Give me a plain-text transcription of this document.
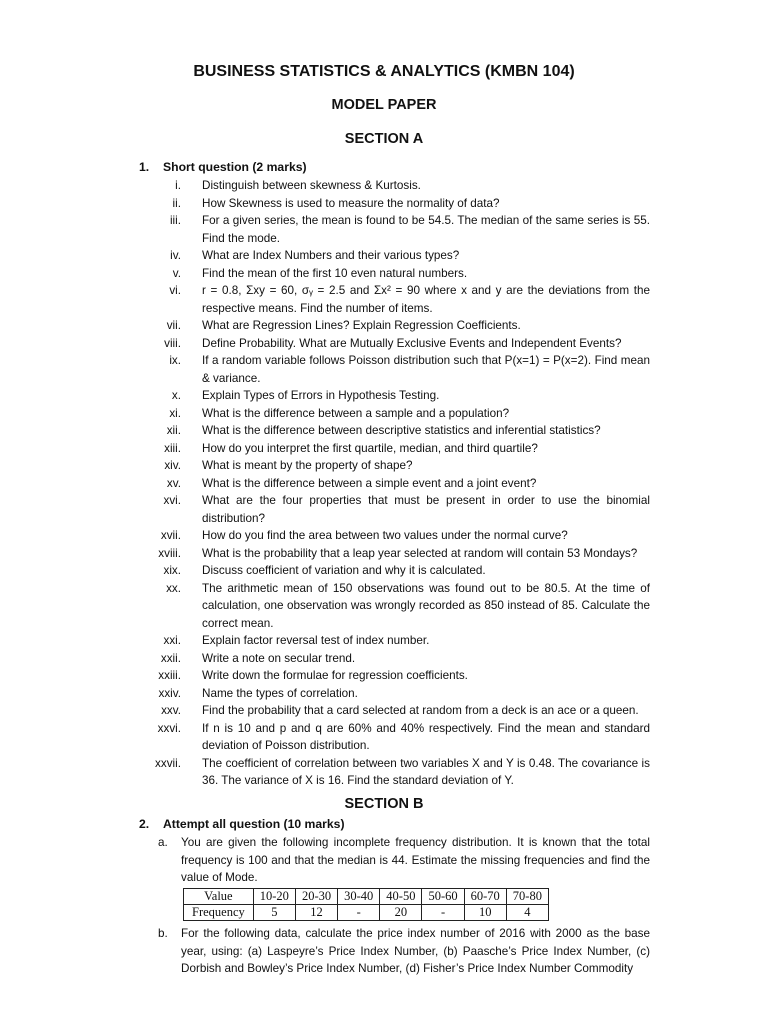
BUSINESS STATISTICS & ANALYTICS (KMBN 104)
MODEL PAPER
SECTION A
1. Short question (2 marks)
i. Distinguish between skewness & Kurtosis.
ii. How Skewness is used to measure the normality of data?
iii. For a given series, the mean is found to be 54.5. The median of the same series is 55. Find the mode.
iv. What are Index Numbers and their various types?
v. Find the mean of the first 10 even natural numbers.
vi. r = 0.8, Σxy = 60, σᵧ = 2.5 and Σx² = 90 where x and y are the deviations from the respective means. Find the number of items.
vii. What are Regression Lines? Explain Regression Coefficients.
viii. Define Probability. What are Mutually Exclusive Events and Independent Events?
ix. If a random variable follows Poisson distribution such that P(x=1) = P(x=2). Find mean & variance.
x. Explain Types of Errors in Hypothesis Testing.
xi. What is the difference between a sample and a population?
xii. What is the difference between descriptive statistics and inferential statistics?
xiii. How do you interpret the first quartile, median, and third quartile?
xiv. What is meant by the property of shape?
xv. What is the difference between a simple event and a joint event?
xvi. What are the four properties that must be present in order to use the binomial distribution?
xvii. How do you find the area between two values under the normal curve?
xviii. What is the probability that a leap year selected at random will contain 53 Mondays?
xix. Discuss coefficient of variation and why it is calculated.
xx. The arithmetic mean of 150 observations was found out to be 80.5. At the time of calculation, one observation was wrongly recorded as 850 instead of 85. Calculate the correct mean.
xxi. Explain factor reversal test of index number.
xxii. Write a note on secular trend.
xxiii. Write down the formulae for regression coefficients.
xxiv. Name the types of correlation.
xxv. Find the probability that a card selected at random from a deck is an ace or a queen.
xxvi. If n is 10 and p and q are 60% and 40% respectively. Find the mean and standard deviation of Poisson distribution.
xxvii. The coefficient of correlation between two variables X and Y is 0.48. The covariance is 36. The variance of X is 16. Find the standard deviation of Y.
SECTION B
2. Attempt all question (10 marks)
a.	You are given the following incomplete frequency distribution. It is known that the total frequency is 100 and that the median is 44. Estimate the missing frequencies and find the value of Mode.
Value	10-20	20-30	30-40	40-50	50-60	60-70	70-80
Frequency	5	12	-	20	-	10	4
b.	For the following data, calculate the price index number of 2016 with 2000 as the base year, using: (a) Laspeyre’s Price Index Number, (b) Paasche’s Price Index Number, (c) Dorbish and Bowley’s Price Index Number, (d) Fisher’s Price Index Number Commodity
